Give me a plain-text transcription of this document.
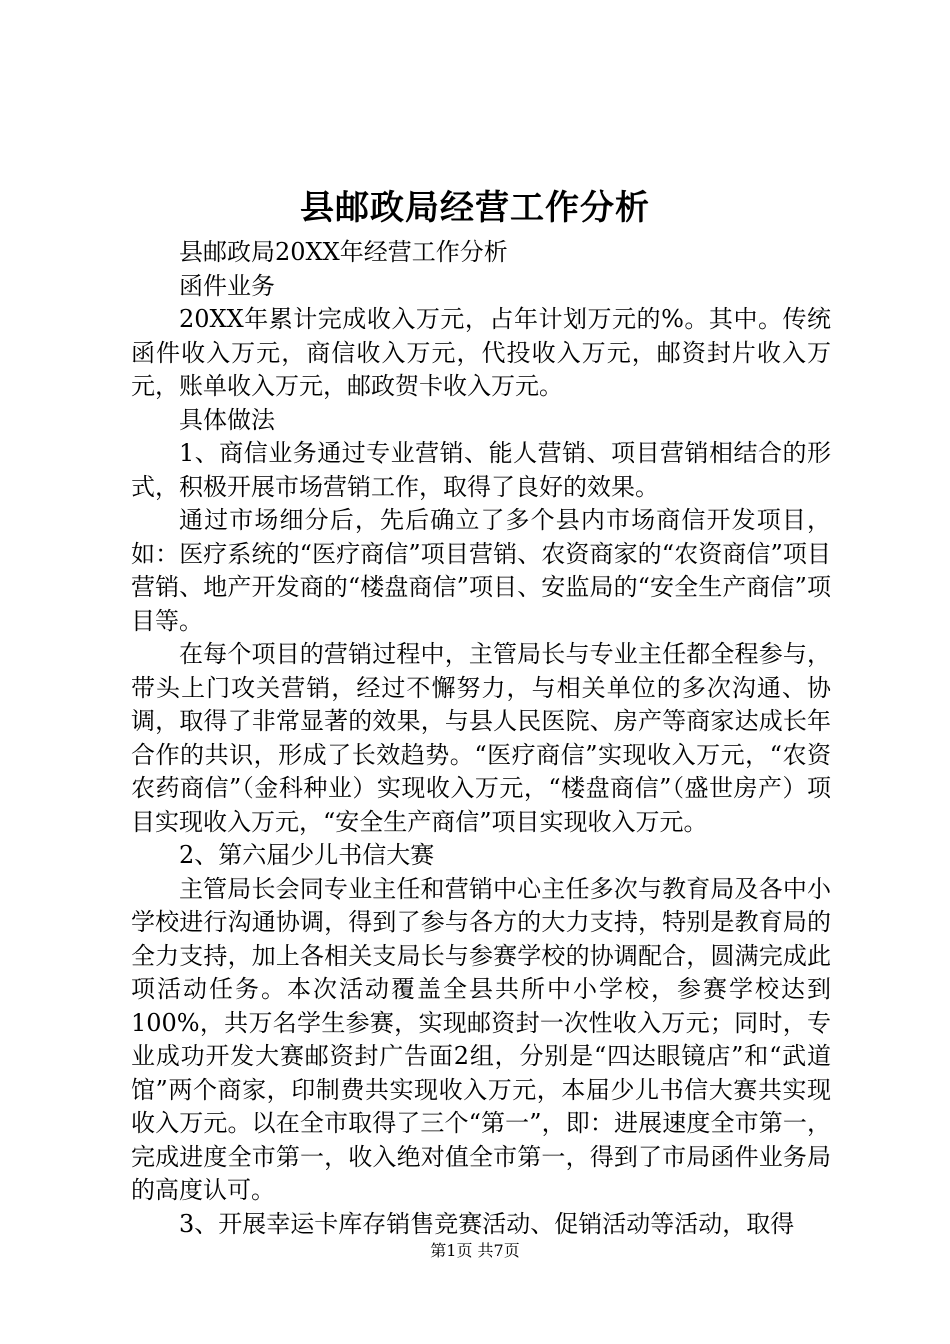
县邮政局经营工作分析

县邮政局20XX年经营工作分析

函件业务

20XX年累计完成收入万元，占年计划万元的%。其中。传统函件收入万元，商信收入万元，代投收入万元，邮资封片收入万元，账单收入万元，邮政贺卡收入万元。

具体做法

1、商信业务通过专业营销、能人营销、项目营销相结合的形式，积极开展市场营销工作，取得了良好的效果。

通过市场细分后，先后确立了多个县内市场商信开发项目，如：医疗系统的“医疗商信”项目营销、农资商家的“农资商信”项目营销、地产开发商的“楼盘商信”项目、安监局的“安全生产商信”项目等。

在每个项目的营销过程中，主管局长与专业主任都全程参与，带头上门攻关营销，经过不懈努力，与相关单位的多次沟通、协调，取得了非常显著的效果，与县人民医院、房产等商家达成长年合作的共识，形成了长效趋势。“医疗商信”实现收入万元，“农资农药商信”（金科种业）实现收入万元，“楼盘商信”（盛世房产）项目实现收入万元，“安全生产商信”项目实现收入万元。

2、第六届少儿书信大赛

主管局长会同专业主任和营销中心主任多次与教育局及各中小学校进行沟通协调，得到了参与各方的大力支持，特别是教育局的全力支持，加上各相关支局长与参赛学校的协调配合，圆满完成此项活动任务。本次活动覆盖全县共所中小学校，参赛学校达到100%，共万名学生参赛，实现邮资封一次性收入万元；同时，专业成功开发大赛邮资封广告面2组，分别是“四达眼镜店”和“武道馆”两个商家，印制费共实现收入万元，本届少儿书信大赛共实现收入万元。以在全市取得了三个“第一”，即：进展速度全市第一，完成进度全市第一，收入绝对值全市第一，得到了市局函件业务局的高度认可。

3、开展幸运卡库存销售竞赛活动、促销活动等活动，取得

第1页 共7页
